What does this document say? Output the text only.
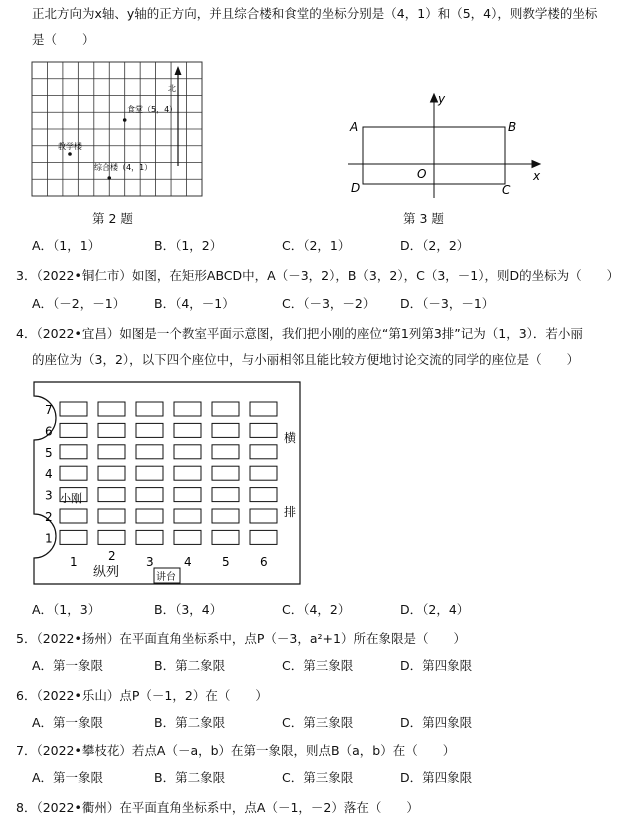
正北方向为x轴、y轴的正方向，并且综合楼和食堂的坐标分别是（4，1）和（5，4），则教学楼的坐标
是（　　）
北
食堂（5，4）
教学楼
综合楼（4，1）
第 2 题
y
x
A	B
C
D
O
第 3 题
A．（1，1）	B．（1，2）	C．（2，1）	D．（2，2）
3．（2022•铜仁市）如图，在矩形ABCD中，A（－3，2），B（3，2），C（3，－1），则D的坐标为（　　）
A．（－2，－1） B．（4，－1）	C．（－3，－2） D．（－3，－1）
4．（2022•宜昌）如图是一个教室平面示意图，我们把小刚的座位“第1列第3排”记为（1，3）．若小丽
的座位为（3，2），以下四个座位中，与小丽相邻且能比较方便地讨论交流的同学的座位是（　　）
7
6
5
4
3
2
1
1	2	3	4	5	6
小刚
纵列	讲台
横
排
A．（1，3）	B．（3，4）	C．（4，2）	D．（2，4）
5．（2022•扬州）在平面直角坐标系中，点P（－3，a²+1）所在象限是（　　）
A．第一象限	B．第二象限	C．第三象限	D．第四象限
6．（2022•乐山）点P（－1，2）在（　　）
A．第一象限	B．第二象限	C．第三象限	D．第四象限
7．（2022•攀枝花）若点A（－a，b）在第一象限，则点B（a，b）在（　　）
A．第一象限	B．第二象限	C．第三象限	D．第四象限
8．（2022•衢州）在平面直角坐标系中，点A（－1，－2）落在（　　）
